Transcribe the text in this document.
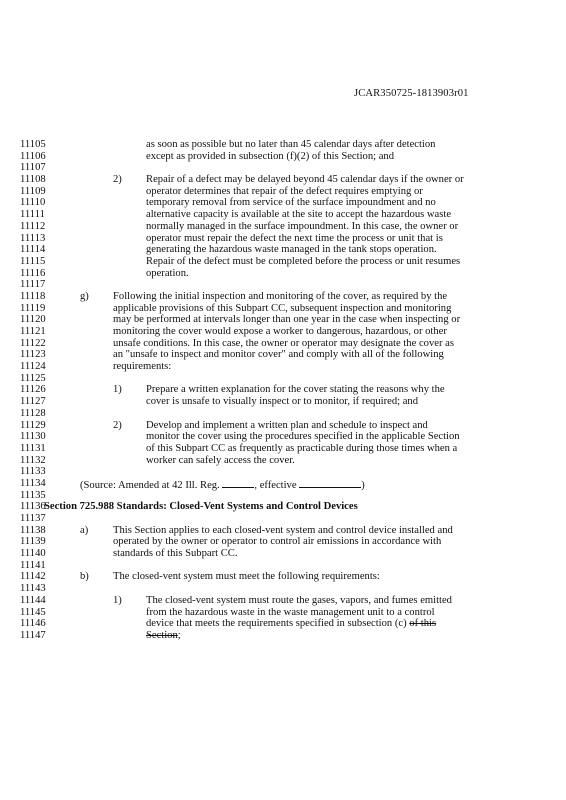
JCAR350725-1813903r01
11105	as soon as possible but no later than 45 calendar days after detection
11106	except as provided in subsection (f)(2) of this Section; and
11107
11108	2) Repair of a defect may be delayed beyond 45 calendar days if the owner or
11109	operator determines that repair of the defect requires emptying or
11110	temporary removal from service of the surface impoundment and no
11111	alternative capacity is available at the site to accept the hazardous waste
11112	normally managed in the surface impoundment. In this case, the owner or
11113	operator must repair the defect the next time the process or unit that is
11114	generating the hazardous waste managed in the tank stops operation.
11115	Repair of the defect must be completed before the process or unit resumes
11116	operation.
11117
11118	g) Following the initial inspection and monitoring of the cover, as required by the
11119	applicable provisions of this Subpart CC, subsequent inspection and monitoring
11120	may be performed at intervals longer than one year in the case when inspecting or
11121	monitoring the cover would expose a worker to dangerous, hazardous, or other
11122	unsafe conditions. In this case, the owner or operator may designate the cover as
11123	an "unsafe to inspect and monitor cover" and comply with all of the following
11124	requirements:
11125
11126	1) Prepare a written explanation for the cover stating the reasons why the
11127	cover is unsafe to visually inspect or to monitor, if required; and
11128
11129	2) Develop and implement a written plan and schedule to inspect and
11130	monitor the cover using the procedures specified in the applicable Section
11131	of this Subpart CC as frequently as practicable during those times when a
11132	worker can safely access the cover.
11133
11134	(Source: Amended at 42 Ill. Reg.	, effective	)
11135
11136
Section 725.988 Standards: Closed-Vent Systems and Control Devices
11137
11138	a) This Section applies to each closed-vent system and control device installed and
11139	operated by the owner or operator to control air emissions in accordance with
11140	standards of this Subpart CC.
11141
11142	b) The closed-vent system must meet the following requirements:
11143
11144	1) The closed-vent system must route the gases, vapors, and fumes emitted
11145	from the hazardous waste in the waste management unit to a control
11146	device that meets the requirements specified in subsection (c) of this
11147	Section;
